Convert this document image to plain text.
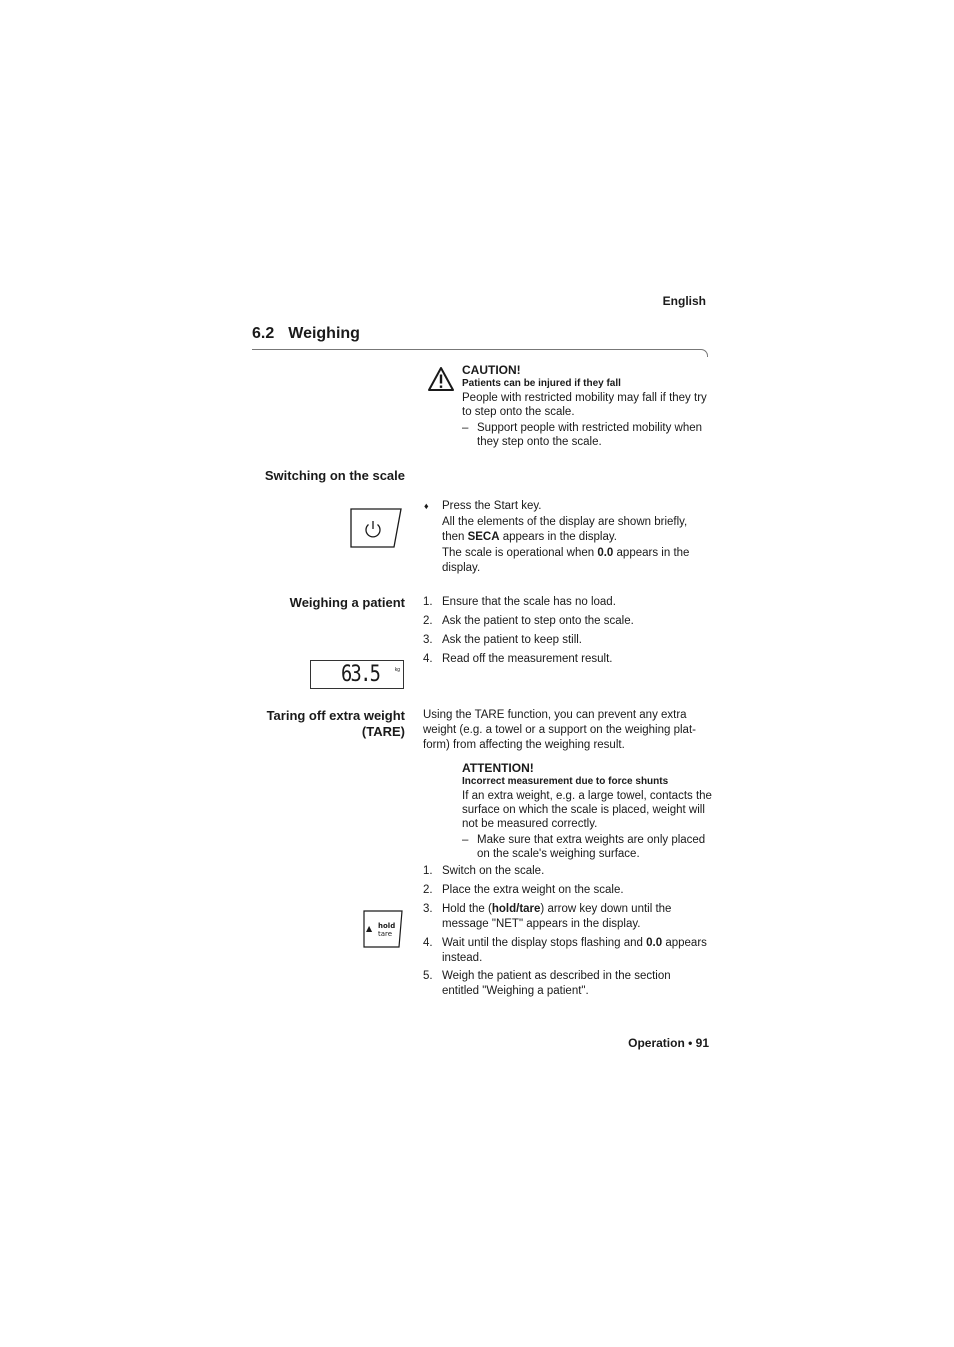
English
6.2 Weighing
CAUTION!
Patients can be injured if they fall
People with restricted mobility may fall if they try to step onto the scale.
– Support people with restricted mobility when they step onto the scale.
Switching on the scale
♦ Press the Start key.
All the elements of the display are shown briefly, then SECA appears in the display.
The scale is operational when 0.0 appears in the display.
Weighing a patient 1. Ensure that the scale has no load.
2. Ask the patient to step onto the scale.
3. Ask the patient to keep still.
4. Read off the measurement result.
63.5	kg
Taring off extra weight
(TARE)
Using the TARE function, you can prevent any extra weight (e.g. a towel or a support on the weighing plat-form) from affecting the weighing result.
ATTENTION!
Incorrect measurement due to force shunts
If an extra weight, e.g. a large towel, contacts the surface on which the scale is placed, weight will not be measured correctly.
– Make sure that extra weights are only placed on the scale's weighing surface.
1. Switch on the scale.
2. Place the extra weight on the scale.
3. Hold the (hold/tare) arrow key down until the message "NET" appears in the display.
4. Wait until the display stops flashing and 0.0 appears instead.
5. Weigh the patient as described in the section entitled "Weighing a patient".
▲ hold
tare
Operation • 91
